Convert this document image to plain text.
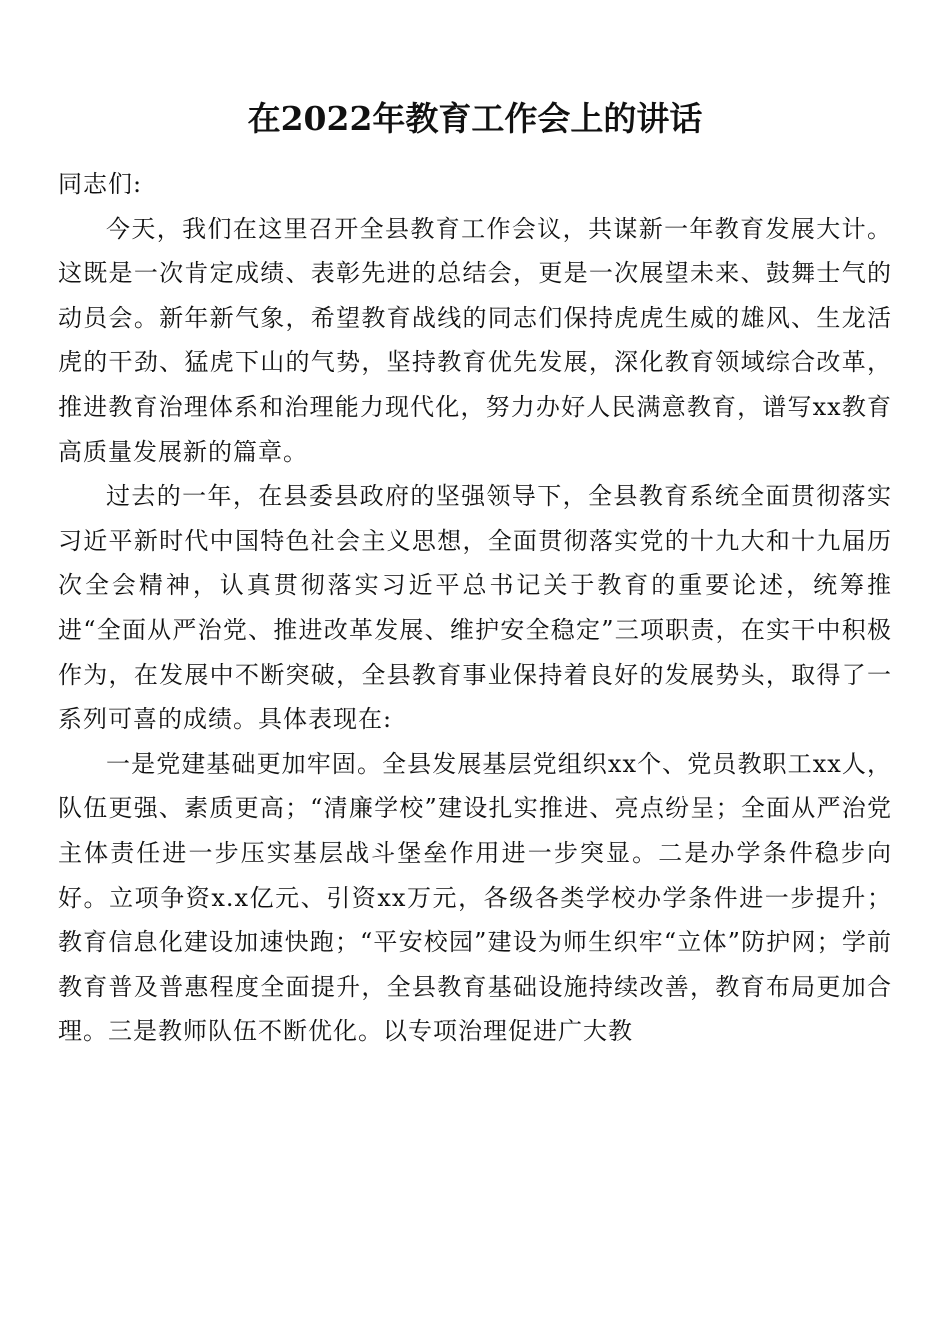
在2022年教育工作会上的讲话

同志们:

今天，我们在这里召开全县教育工作会议，共谋新一年教育发展大计。这既是一次肯定成绩、表彰先进的总结会，更是一次展望未来、鼓舞士气的动员会。新年新气象，希望教育战线的同志们保持虎虎生威的雄风、生龙活虎的干劲、猛虎下山的气势，坚持教育优先发展，深化教育领域综合改革，推进教育治理体系和治理能力现代化，努力办好人民满意教育，谱写xx教育高质量发展新的篇章。

过去的一年，在县委县政府的坚强领导下，全县教育系统全面贯彻落实习近平新时代中国特色社会主义思想，全面贯彻落实党的十九大和十九届历次全会精神，认真贯彻落实习近平总书记关于教育的重要论述，统筹推进“全面从严治党、推进改革发展、维护安全稳定”三项职责，在实干中积极作为，在发展中不断突破，全县教育事业保持着良好的发展势头，取得了一系列可喜的成绩。具体表现在:

一是党建基础更加牢固。全县发展基层党组织xx个、党员教职工xx人，队伍更强、素质更高；“清廉学校”建设扎实推进、亮点纷呈；全面从严治党主体责任进一步压实基层战斗堡垒作用进一步突显。二是办学条件稳步向好。立项争资x.x亿元、引资xx万元，各级各类学校办学条件进一步提升；教育信息化建设加速快跑；“平安校园”建设为师生织牢“立体”防护网；学前教育普及普惠程度全面提升，全县教育基础设施持续改善，教育布局更加合理。三是教师队伍不断优化。以专项治理促进广大教
